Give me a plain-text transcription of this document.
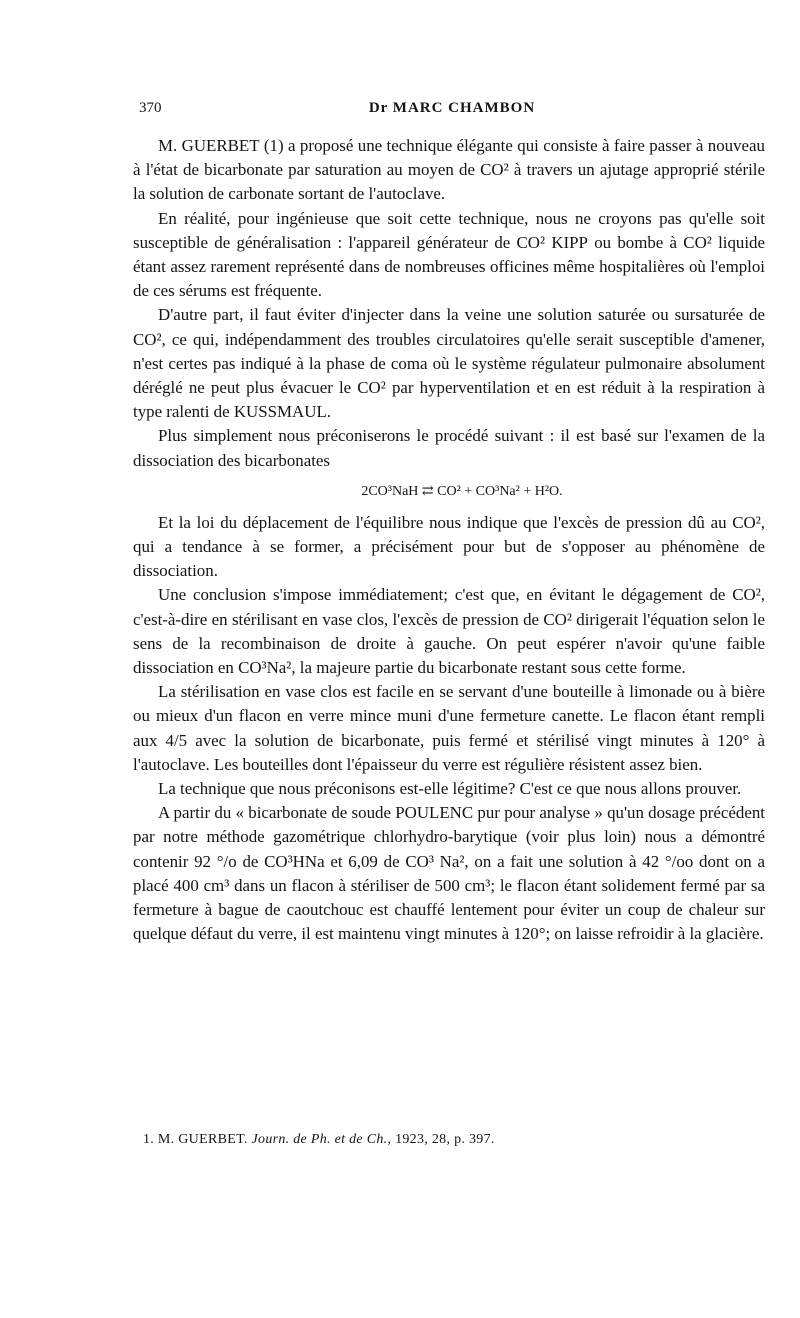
370	Dr MARC CHAMBON

M. GUERBET (1) a proposé une technique élégante qui consiste à faire passer à nouveau à l'état de bicarbonate par saturation au moyen de CO² à travers un ajutage approprié stérile la solution de carbonate sortant de l'autoclave.

En réalité, pour ingénieuse que soit cette technique, nous ne croyons pas qu'elle soit susceptible de généralisation : l'appareil générateur de CO² KIPP ou bombe à CO² liquide étant assez rarement représenté dans de nombreuses officines même hospitalières où l'emploi de ces sérums est fréquente.

D'autre part, il faut éviter d'injecter dans la veine une solution saturée ou sursaturée de CO², ce qui, indépendamment des troubles circulatoires qu'elle serait susceptible d'amener, n'est certes pas indiqué à la phase de coma où le système régulateur pulmonaire absolument déréglé ne peut plus évacuer le CO² par hyperventilation et en est réduit à la respiration à type ralenti de KUSSMAUL.

Plus simplement nous préconiserons le procédé suivant : il est basé sur l'examen de la dissociation des bicarbonates

2CO³NaH ⇄ CO² + CO³Na² + H²O.

Et la loi du déplacement de l'équilibre nous indique que l'excès de pression dû au CO², qui a tendance à se former, a précisément pour but de s'opposer au phénomène de dissociation.

Une conclusion s'impose immédiatement; c'est que, en évitant le dégagement de CO², c'est-à-dire en stérilisant en vase clos, l'excès de pression de CO² dirigerait l'équation selon le sens de la recombinaison de droite à gauche. On peut espérer n'avoir qu'une faible dissociation en CO³Na², la majeure partie du bicarbonate restant sous cette forme.

La stérilisation en vase clos est facile en se servant d'une bouteille à limonade ou à bière ou mieux d'un flacon en verre mince muni d'une fermeture canette. Le flacon étant rempli aux 4/5 avec la solution de bicarbonate, puis fermé et stérilisé vingt minutes à 120° à l'autoclave. Les bouteilles dont l'épaisseur du verre est régulière résistent assez bien.

La technique que nous préconisons est-elle légitime? C'est ce que nous allons prouver.

A partir du « bicarbonate de soude POULENC pur pour analyse » qu'un dosage précédent par notre méthode gazométrique chlorhydro-barytique (voir plus loin) nous a démontré contenir 92 °/o de CO³HNa et 6,09 de CO³ Na², on a fait une solution à 42 °/oo dont on a placé 400 cm³ dans un flacon à stériliser de 500 cm³; le flacon étant solidement fermé par sa fermeture à bague de caoutchouc est chauffé lentement pour éviter un coup de chaleur sur quelque défaut du verre, il est maintenu vingt minutes à 120°; on laisse refroidir à la glacière.

1. M. GUERBET. Journ. de Ph. et de Ch., 1923, 28, p. 397.
